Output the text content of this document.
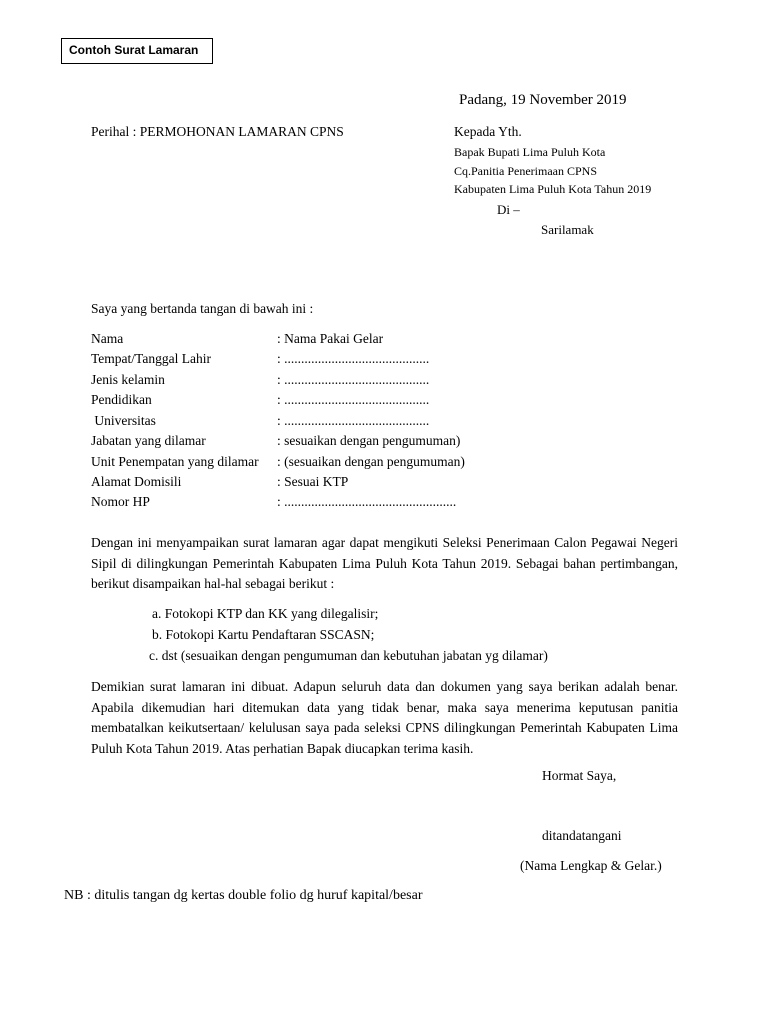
Contoh Surat Lamaran
Padang, 19 November 2019
Perihal : PERMOHONAN LAMARAN CPNS	Kepada Yth.
Bapak Bupati Lima Puluh Kota
Cq.Panitia Penerimaan CPNS
Kabupaten Lima Puluh Kota Tahun 2019
Di –
Sarilamak
Saya yang bertanda tangan di bawah ini :
Nama	: Nama Pakai Gelar
Tempat/Tanggal Lahir	: ...........................................
Jenis kelamin	: ...........................................
Pendidikan	: ...........................................
Universitas	: ...........................................
Jabatan yang dilamar	: sesuaikan dengan pengumuman)
Unit Penempatan yang dilamar : (sesuaikan dengan pengumuman)
Alamat Domisili	: Sesuai KTP
Nomor HP	: ...................................................
Dengan ini menyampaikan surat lamaran agar dapat mengikuti Seleksi Penerimaan Calon Pegawai Negeri
Sipil di dilingkungan Pemerintah Kabupaten Lima Puluh Kota Tahun 2019. Sebagai bahan pertimbangan,
berikut disampaikan hal-hal sebagai berikut :
a. Fotokopi KTP dan KK yang dilegalisir;
b. Fotokopi Kartu Pendaftaran SSCASN;
c. dst (sesuaikan dengan pengumuman dan kebutuhan jabatan yg dilamar)
Demikian surat lamaran ini dibuat. Adapun seluruh data dan dokumen yang saya berikan adalah benar.
Apabila dikemudian hari ditemukan data yang tidak benar, maka saya menerima keputusan panitia
membatalkan keikutsertaan/ kelulusan saya pada seleksi CPNS dilingkungan Pemerintah Kabupaten Lima
Puluh Kota Tahun 2019. Atas perhatian Bapak diucapkan terima kasih.
Hormat Saya,
ditandatangani
(Nama Lengkap & Gelar.)
NB : ditulis tangan dg kertas double folio dg huruf kapital/besar
